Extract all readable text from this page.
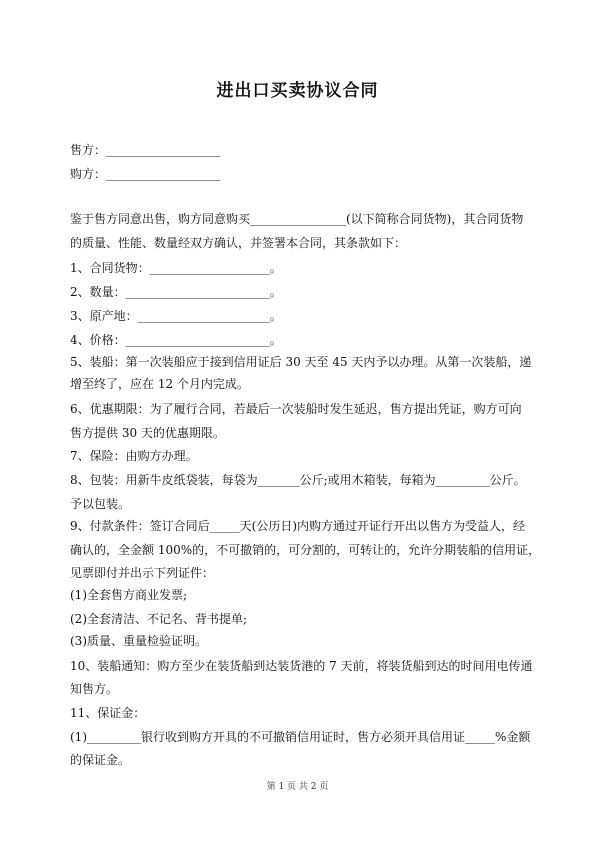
进出口买卖协议合同
售方：___________________
购方：___________________
鉴于售方同意出售，购方同意购买________________(以下简称合同货物)，其合同货物
的质量、性能、数量经双方确认，并签署本合同，其条款如下：
1、合同货物：____________________。
2、数量：________________________。
3、原产地：______________________。
4、价格：________________________。
5、装船：第一次装船应于接到信用证后 30 天至 45 天内予以办理。从第一次装船，递
增至终了，应在 12 个月内完成。
6、优惠期限：为了履行合同，若最后一次装船时发生延迟，售方提出凭证，购方可向
售方提供 30 天的优惠期限。
7、保险：由购方办理。
8、包装：用新牛皮纸袋装，每袋为_______公斤;或用木箱装，每箱为_________公斤。
予以包装。
9、付款条件：签订合同后_____天(公历日)内购方通过开证行开出以售方为受益人，经
确认的，全金额 100%的，不可撤销的，可分割的，可转让的，允许分期装船的信用证，
见票即付并出示下列证件：
(1)全套售方商业发票;
(2)全套清洁、不记名、背书提单;
(3)质量、重量检验证明。
10、装船通知：购方至少在装货船到达装货港的 7 天前，将装货船到达的时间用电传通
知售方。
11、保证金：
(1)_________银行收到购方开具的不可撤销信用证时，售方必须开具信用证_____%金额
的保证金。
第 1 页 共 2 页
